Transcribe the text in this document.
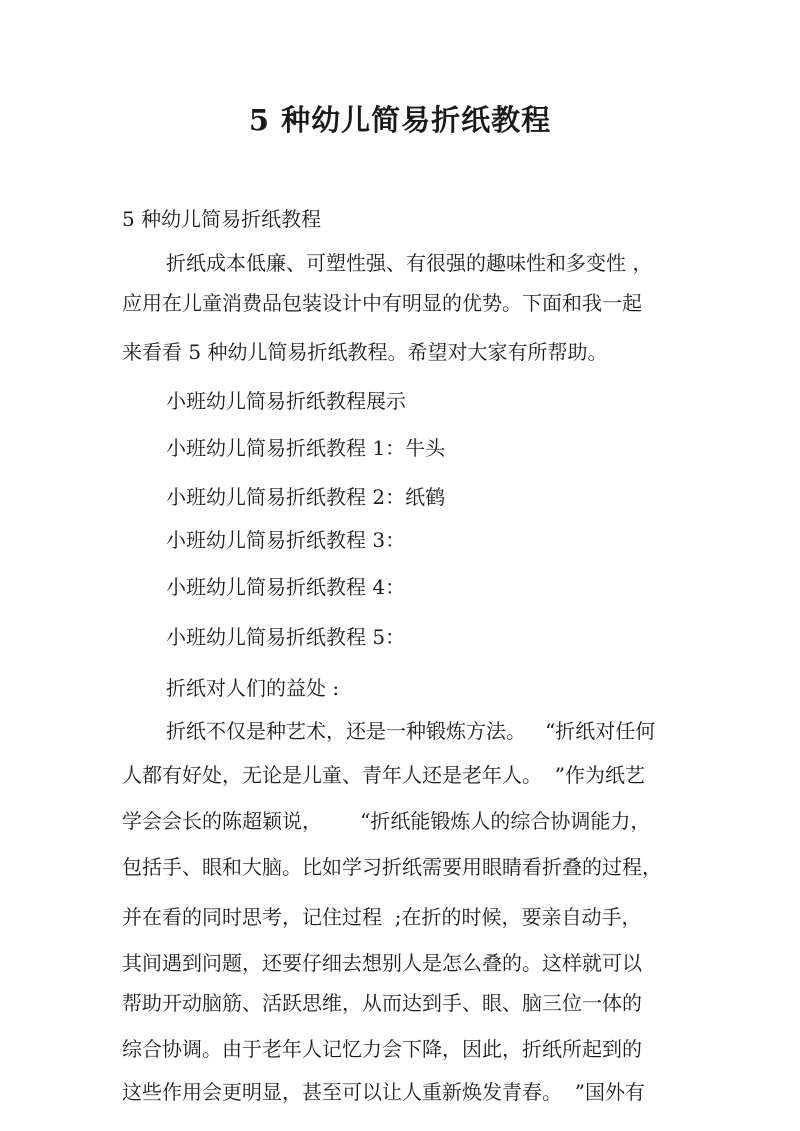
5 种幼儿简易折纸教程
5 种幼儿简易折纸教程
折纸成本低廉、可塑性强、有很强的趣味性和多变性 ，
应用在儿童消费品包装设计中有明显的优势。下面和我一起
来看看 5 种幼儿简易折纸教程。希望对大家有所帮助。
小班幼儿简易折纸教程展示
小班幼儿简易折纸教程 1：牛头
小班幼儿简易折纸教程 2：纸鹤
小班幼儿简易折纸教程 3：
小班幼儿简易折纸教程 4：
小班幼儿简易折纸教程 5：
折纸对人们的益处 :
折纸不仅是种艺术，还是一种锻炼方法。   “折纸对任何
人都有好处，无论是儿童、青年人还是老年人。  ”作为纸艺
学会会长的陈超颖说，      “折纸能锻炼人的综合协调能力，
包括手、眼和大脑。比如学习折纸需要用眼睛看折叠的过程，
并在看的同时思考，记住过程  ;在折的时候，要亲自动手，
其间遇到问题，还要仔细去想别人是怎么叠的。这样就可以
帮助开动脑筋、活跃思维，从而达到手、眼、脑三位一体的
综合协调。由于老年人记忆力会下降，因此，折纸所起到的
这些作用会更明显，甚至可以让人重新焕发青春。  ”国外有
